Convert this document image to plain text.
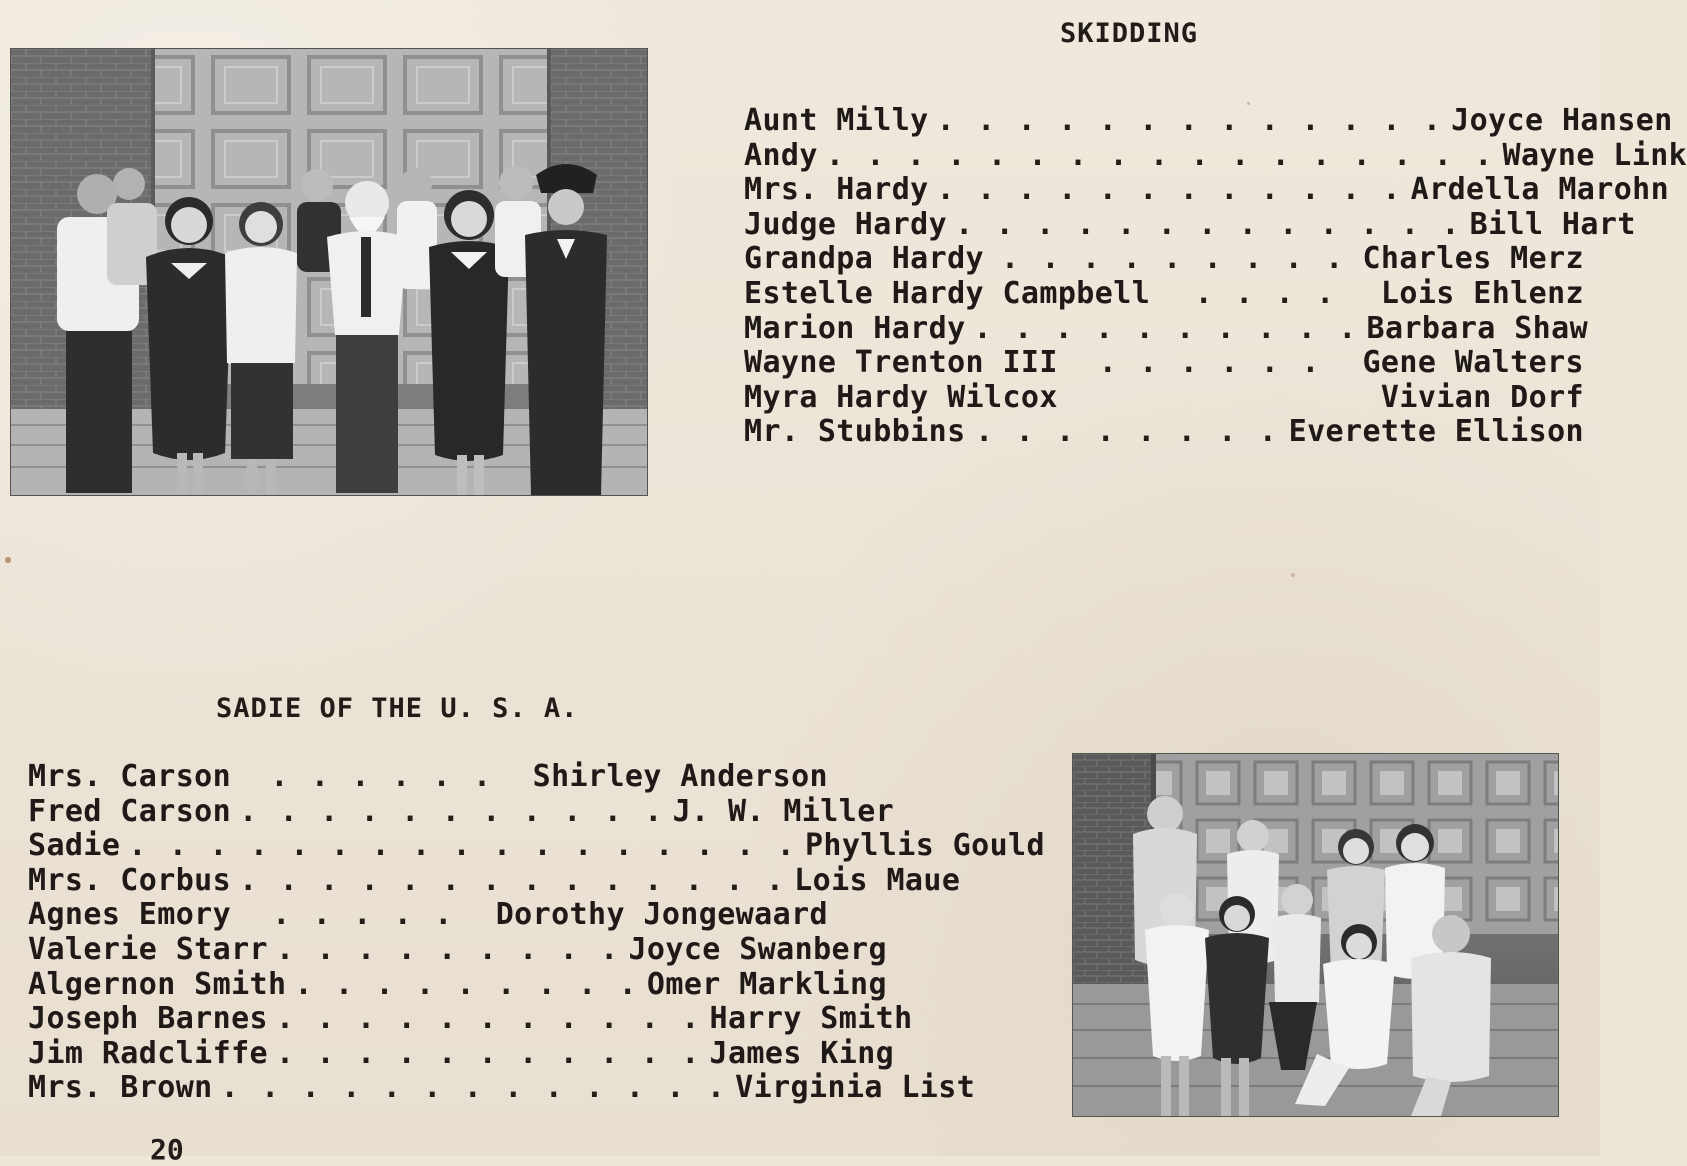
SKIDDING
Aunt Milly . . . . . . . . . . . . . Joyce Hansen
Andy . . . . . . . . . . . . . . . . . Wayne Link
Mrs. Hardy . . . . . . . . . . . . Ardella Marohn
Judge Hardy . . . . . . . . . . . . . Bill Hart
Grandpa Hardy . . . . . . . . . Charles Merz
Estelle Hardy Campbell	. . . .	Lois Ehlenz
Marion Hardy . . . . . . . . . . Barbara Shaw
Wayne Trenton III	. . . . . .	Gene Walters
Myra Hardy Wilcox	Vivian Dorf
Mr. Stubbins . . . . . . . . Everette Ellison
SADIE OF THE U. S. A.
Mrs. Carson	. . . . . .	Shirley Anderson
Fred Carson . . . . . . . . . . . J. W. Miller
Sadie . . . . . . . . . . . . . . . . . Phyllis Gould
Mrs. Corbus . . . . . . . . . . . . . . Lois Maue
Agnes Emory	. . . . .	Dorothy Jongewaard
Valerie Starr . . . . . . . . . Joyce Swanberg
Algernon Smith . . . . . . . . . Omer Markling
Joseph Barnes . . . . . . . . . . . Harry Smith
Jim Radcliffe . . . . . . . . . . . James King
Mrs. Brown . . . . . . . . . . . . . Virginia List
20
